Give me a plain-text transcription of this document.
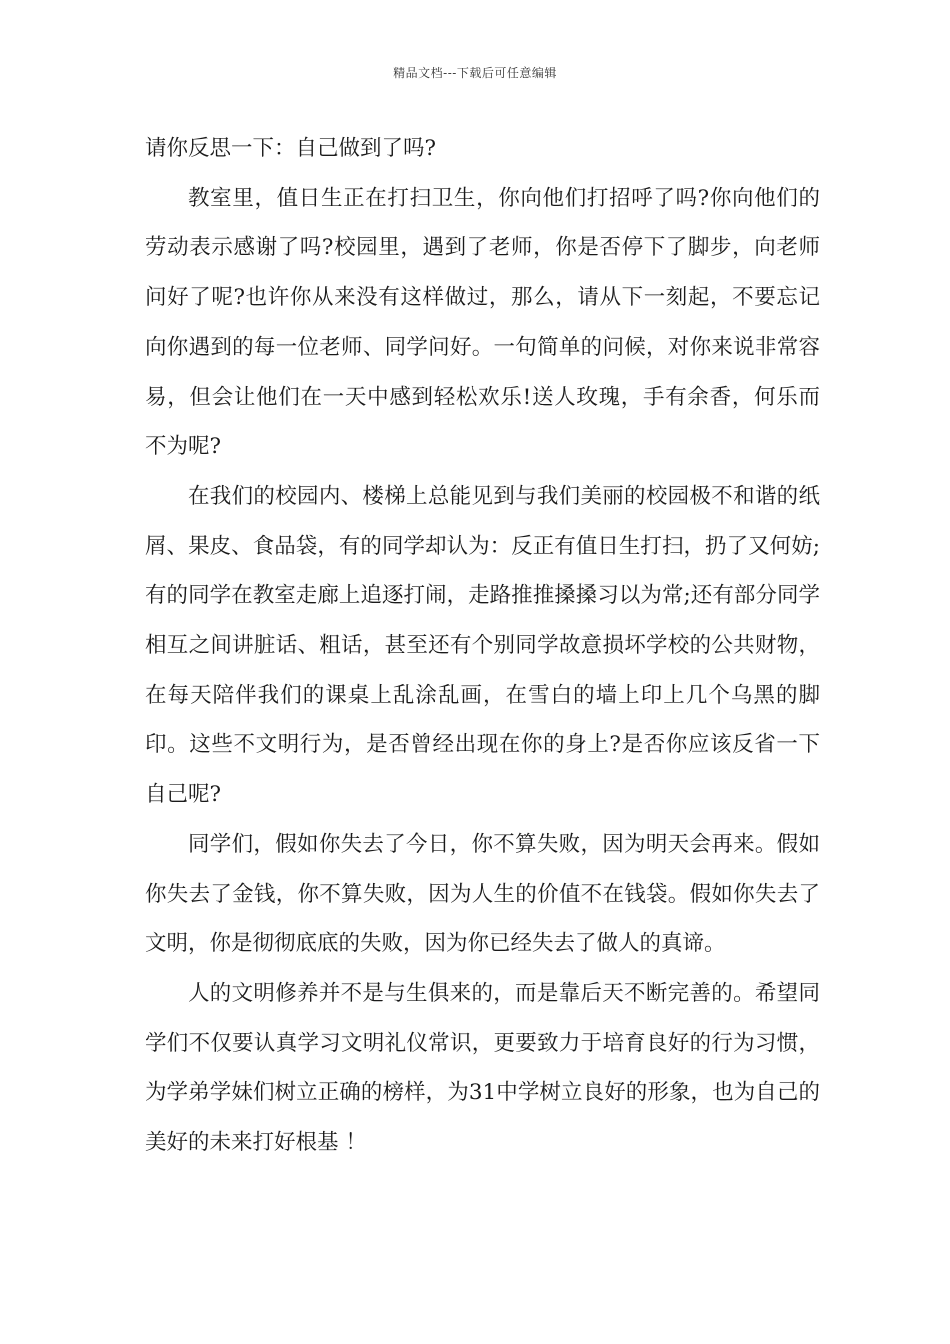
精品文档---下载后可任意编辑

请你反思一下：自己做到了吗?

教室里，值日生正在打扫卫生，你向他们打招呼了吗?你向他们的劳动表示感谢了吗?校园里，遇到了老师，你是否停下了脚步，向老师问好了呢?也许你从来没有这样做过，那么，请从下一刻起，不要忘记向你遇到的每一位老师、同学问好。一句简单的问候，对你来说非常容易，但会让他们在一天中感到轻松欢乐!送人玫瑰，手有余香，何乐而不为呢?

在我们的校园内、楼梯上总能见到与我们美丽的校园极不和谐的纸屑、果皮、食品袋，有的同学却认为：反正有值日生打扫，扔了又何妨;有的同学在教室走廊上追逐打闹，走路推推搡搡习以为常;还有部分同学相互之间讲脏话、粗话，甚至还有个别同学故意损坏学校的公共财物，在每天陪伴我们的课桌上乱涂乱画，在雪白的墙上印上几个乌黑的脚印。这些不文明行为，是否曾经出现在你的身上?是否你应该反省一下自己呢?

同学们，假如你失去了今日，你不算失败，因为明天会再来。假如你失去了金钱，你不算失败，因为人生的价值不在钱袋。假如你失去了文明，你是彻彻底底的失败，因为你已经失去了做人的真谛。

人的文明修养并不是与生俱来的，而是靠后天不断完善的。希望同学们不仅要认真学习文明礼仪常识，更要致力于培育良好的行为习惯，为学弟学妹们树立正确的榜样，为31中学树立良好的形象，也为自己的美好的未来打好根基 ！
